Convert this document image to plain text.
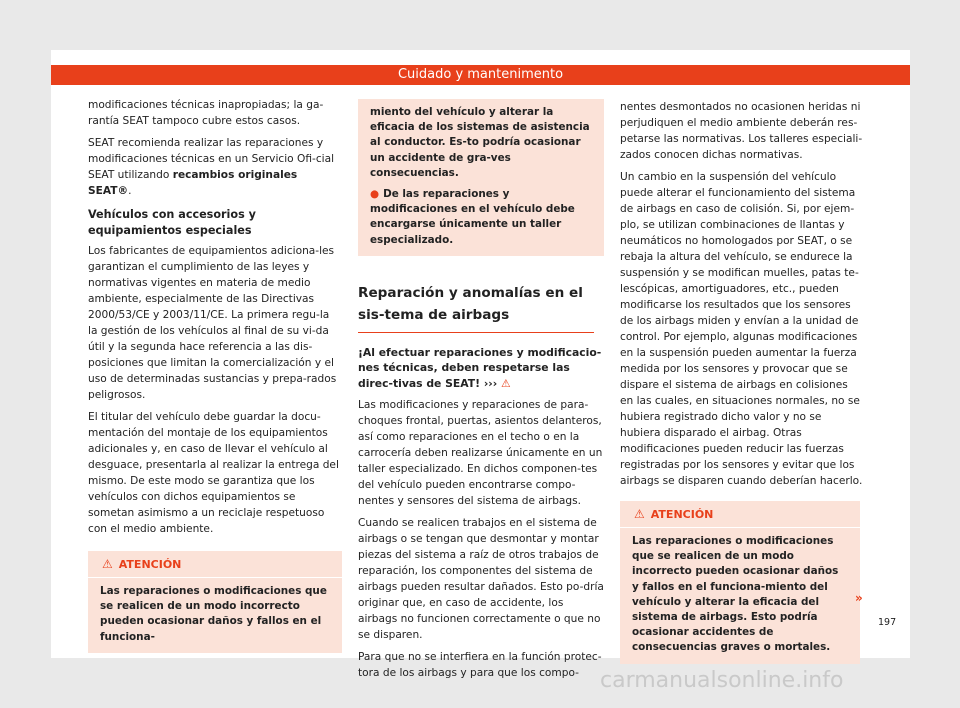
Cuidado y mantenimento

modificaciones técnicas inapropiadas; la ga-rantía SEAT tampoco cubre estos casos.

SEAT recomienda realizar las reparaciones y modificaciones técnicas en un Servicio Ofi-cial SEAT utilizando recambios originales SEAT®.

Vehículos con accesorios y equipamientos especiales

Los fabricantes de equipamientos adiciona-les garantizan el cumplimiento de las leyes y normativas vigentes en materia de medio ambiente, especialmente de las Directivas 2000/53/CE y 2003/11/CE. La primera regu-la la gestión de los vehículos al final de su vi-da útil y la segunda hace referencia a las dis-posiciones que limitan la comercialización y el uso de determinadas sustancias y prepa-rados peligrosos.

El titular del vehículo debe guardar la docu-mentación del montaje de los equipamientos adicionales y, en caso de llevar el vehículo al desguace, presentarla al realizar la entrega del mismo. De este modo se garantiza que los vehículos con dichos equipamientos se sometan asimismo a un reciclaje respetuoso con el medio ambiente.

⚠ ATENCIÓN
Las reparaciones o modificaciones que se realicen de un modo incorrecto pueden ocasionar daños y fallos en el funciona-

miento del vehículo y alterar la eficacia de los sistemas de asistencia al conductor. Es-to podría ocasionar un accidente de gra-ves consecuencias.

● De las reparaciones y modificaciones en el vehículo debe encargarse únicamente un taller especializado.

Reparación y anomalías en el sis-tema de airbags
¡Al efectuar reparaciones y modificacio-nes técnicas, deben respetarse las direc-tivas de SEAT! ››› ⚠

Las modificaciones y reparaciones de para-choques frontal, puertas, asientos delanteros, así como reparaciones en el techo o en la carrocería deben realizarse únicamente en un taller especializado. En dichos componen-tes del vehículo pueden encontrarse compo-nentes y sensores del sistema de airbags.

Cuando se realicen trabajos en el sistema de airbags o se tengan que desmontar y montar piezas del sistema a raíz de otros trabajos de reparación, los componentes del sistema de airbags pueden resultar dañados. Esto po-dría originar que, en caso de accidente, los airbags no funcionen correctamente o que no se disparen.

Para que no se interfiera en la función protec-tora de los airbags y para que los compo-

nentes desmontados no ocasionen heridas ni perjudiquen el medio ambiente deberán res-petarse las normativas. Los talleres especiali-zados conocen dichas normativas.

Un cambio en la suspensión del vehículo puede alterar el funcionamiento del sistema de airbags en caso de colisión. Si, por ejem-plo, se utilizan combinaciones de llantas y neumáticos no homologados por SEAT, o se rebaja la altura del vehículo, se endurece la suspensión y se modifican muelles, patas te-lescópicas, amortiguadores, etc., pueden modificarse los resultados que los sensores de los airbags miden y envían a la unidad de control. Por ejemplo, algunas modificaciones en la suspensión pueden aumentar la fuerza medida por los sensores y provocar que se dispare el sistema de airbags en colisiones en las cuales, en situaciones normales, no se hubiera registrado dicho valor y no se hubiera disparado el airbag. Otras modificaciones pueden reducir las fuerzas registradas por los sensores y evitar que los airbags se disparen cuando deberían hacerlo.

⚠ ATENCIÓN
Las reparaciones o modificaciones que se realicen de un modo incorrecto pueden ocasionar daños y fallos en el funciona-miento del vehículo y alterar la eficacia del sistema de airbags. Esto podría ocasionar accidentes de consecuencias graves o mortales.
»
197
carmanualsonline.info
